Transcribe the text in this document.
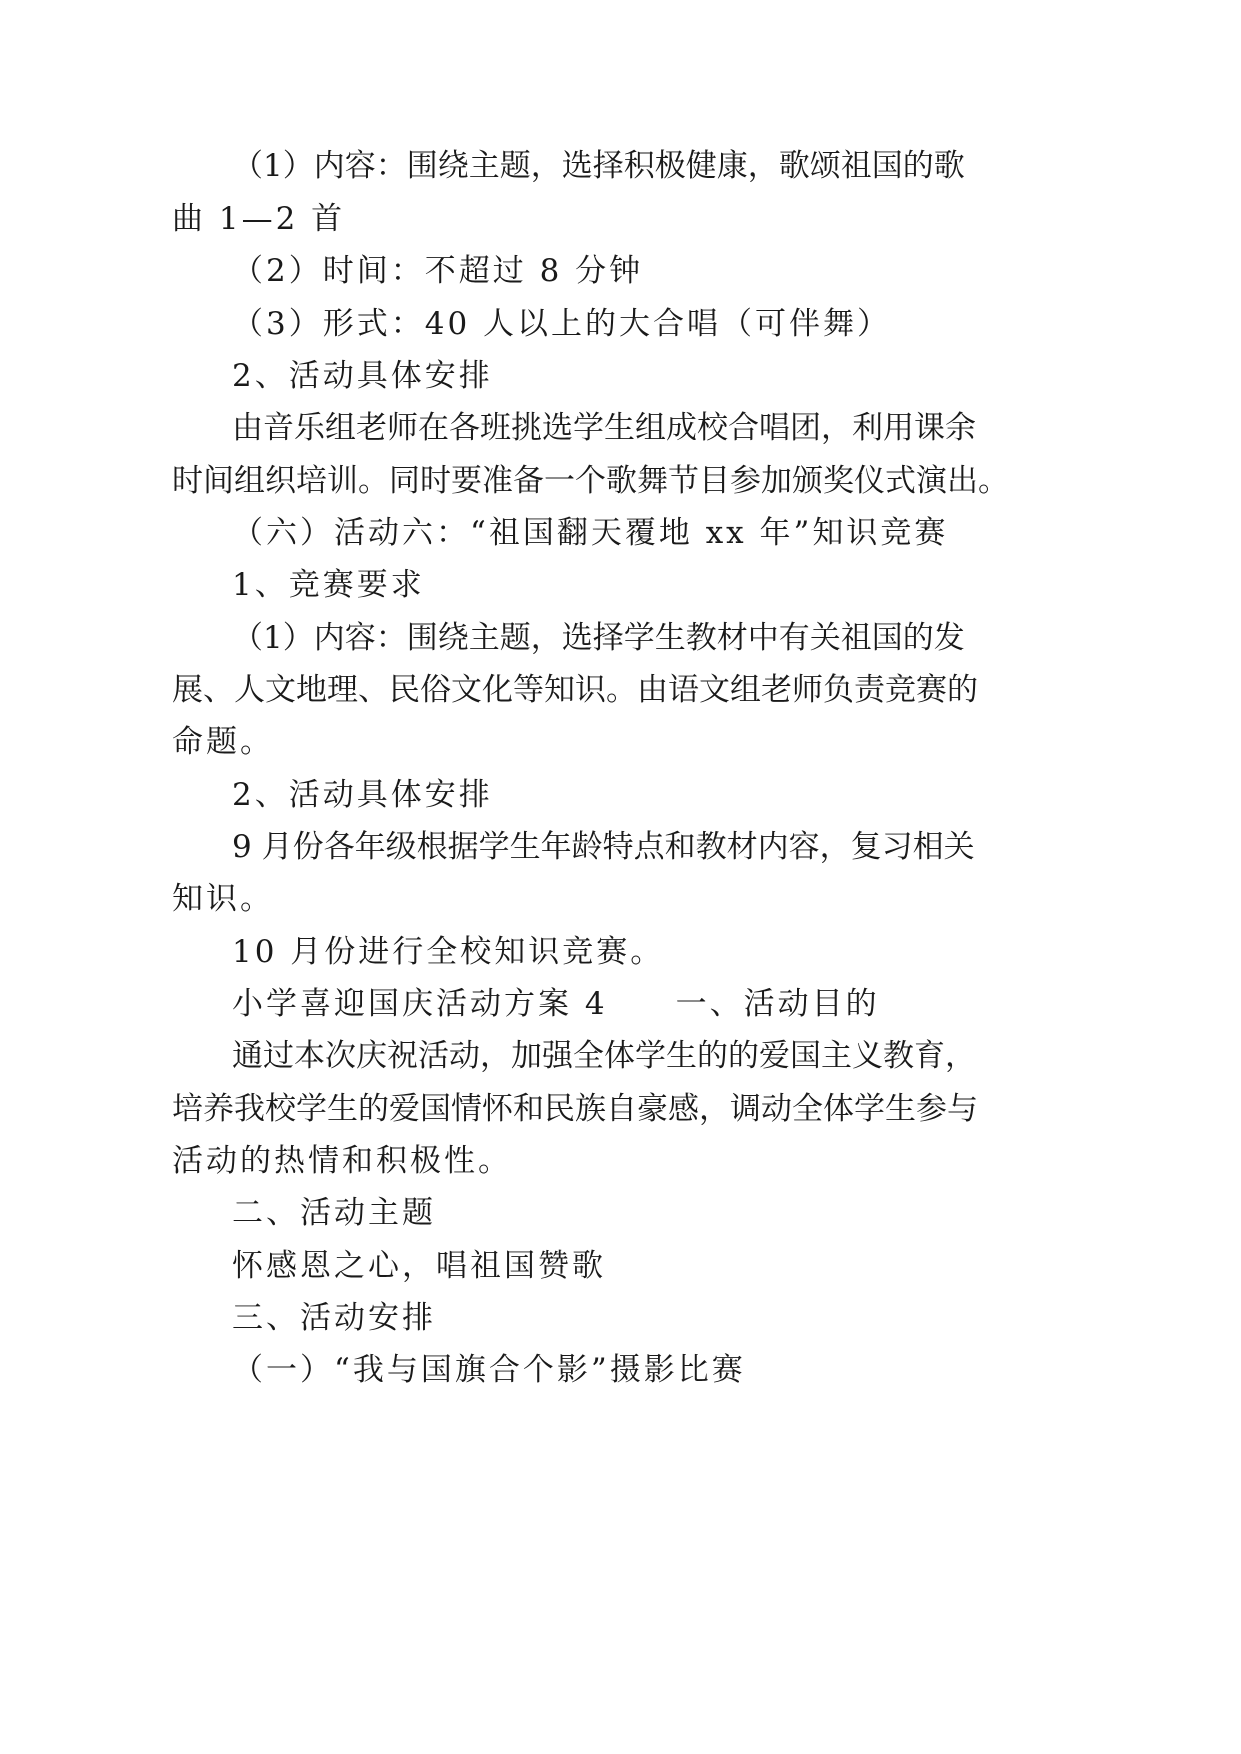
（1）内容：围绕主题，选择积极健康，歌颂祖国的歌
曲 1—2 首
（2）时间：不超过 8 分钟
（3）形式：40 人以上的大合唱（可伴舞）
2、活动具体安排
由音乐组老师在各班挑选学生组成校合唱团，利用课余
时间组织培训。同时要准备一个歌舞节目参加颁奖仪式演出。
（六）活动六：“祖国翻天覆地 xx 年”知识竞赛
1、竞赛要求
（1）内容：围绕主题，选择学生教材中有关祖国的发
展、人文地理、民俗文化等知识。由语文组老师负责竞赛的
命题。
2、活动具体安排
9 月份各年级根据学生年龄特点和教材内容，复习相关
知识。
10 月份进行全校知识竞赛。
小学喜迎国庆活动方案 4　　一、活动目的
通过本次庆祝活动，加强全体学生的的爱国主义教育，
培养我校学生的爱国情怀和民族自豪感，调动全体学生参与
活动的热情和积极性。
二、活动主题
怀感恩之心，唱祖国赞歌
三、活动安排
（一）“我与国旗合个影”摄影比赛
